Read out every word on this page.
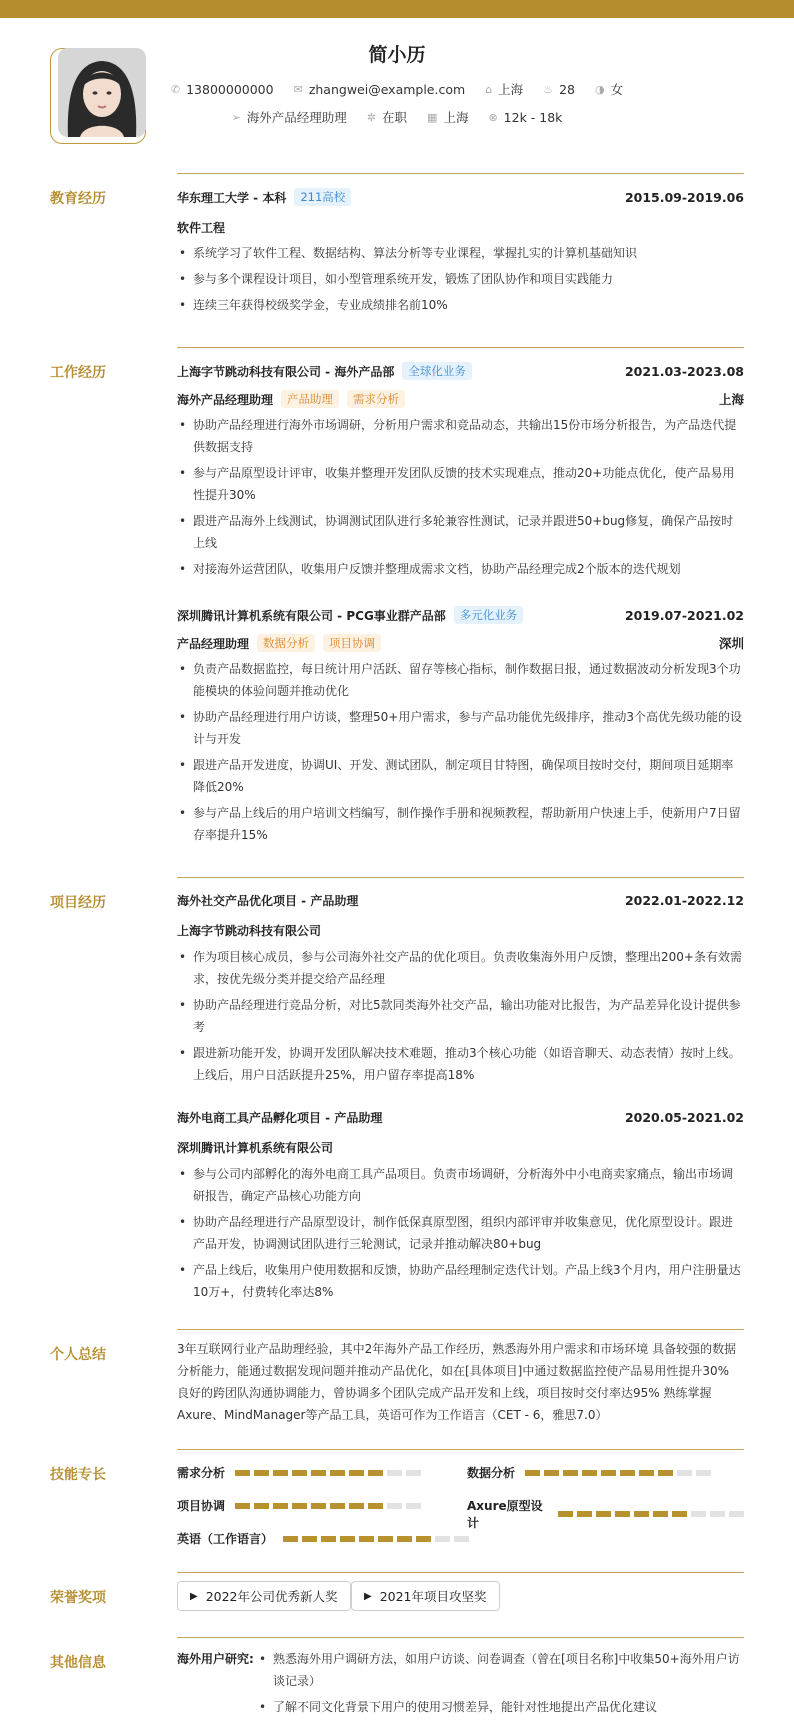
简小历
✆ 13800000000 ✉ zhangwei@example.com ⌂ 上海 ♨ 28 ◑ 女
➢ 海外产品经理助理 ✲ 在职 ▦ 上海 ⊗ 12k - 18k
教育经历	华东理工大学 - 本科	211高校	2015.09-2019.06
软件工程
• 系统学习了软件工程、数据结构、算法分析等专业课程，掌握扎实的计算机基础知识
• 参与多个课程设计项目，如小型管理系统开发，锻炼了团队协作和项目实践能力
• 连续三年获得校级奖学金，专业成绩排名前10%
工作经历	上海字节跳动科技有限公司 - 海外产品部	全球化业务	2021.03-2023.08
海外产品经理助理	产品助理	需求分析	上海
• 协助产品经理进行海外市场调研，分析用户需求和竞品动态，共输出15份市场分析报告，为产品迭代提供数据支持
• 参与产品原型设计评审，收集并整理开发团队反馈的技术实现难点，推动20+功能点优化，使产品易用性提升30%
• 跟进产品海外上线测试，协调测试团队进行多轮兼容性测试，记录并跟进50+bug修复，确保产品按时上线
• 对接海外运营团队，收集用户反馈并整理成需求文档，协助产品经理完成2个版本的迭代规划
深圳腾讯计算机系统有限公司 - PCG事业群产品部	多元化业务	2019.07-2021.02
产品经理助理	数据分析	项目协调	深圳
• 负责产品数据监控，每日统计用户活跃、留存等核心指标，制作数据日报，通过数据波动分析发现3个功能模块的体验问题并推动优化
• 协助产品经理进行用户访谈，整理50+用户需求，参与产品功能优先级排序，推动3个高优先级功能的设计与开发
• 跟进产品开发进度，协调UI、开发、测试团队，制定项目甘特图，确保项目按时交付，期间项目延期率降低20%
• 参与产品上线后的用户培训文档编写，制作操作手册和视频教程，帮助新用户快速上手，使新用户7日留存率提升15%
项目经历	海外社交产品优化项目 - 产品助理	2022.01-2022.12
上海字节跳动科技有限公司
• 作为项目核心成员，参与公司海外社交产品的优化项目。负责收集海外用户反馈，整理出200+条有效需求，按优先级分类并提交给产品经理
• 协助产品经理进行竞品分析，对比5款同类海外社交产品，输出功能对比报告，为产品差异化设计提供参考
• 跟进新功能开发，协调开发团队解决技术难题，推动3个核心功能（如语音聊天、动态表情）按时上线。上线后，用户日活跃提升25%，用户留存率提高18%
海外电商工具产品孵化项目 - 产品助理	2020.05-2021.02
深圳腾讯计算机系统有限公司
• 参与公司内部孵化的海外电商工具产品项目。负责市场调研，分析海外中小电商卖家痛点，输出市场调研报告，确定产品核心功能方向
• 协助产品经理进行产品原型设计，制作低保真原型图，组织内部评审并收集意见，优化原型设计。跟进产品开发，协调测试团队进行三轮测试，记录并推动解决80+bug
• 产品上线后，收集用户使用数据和反馈，协助产品经理制定迭代计划。产品上线3个月内，用户注册量达10万+，付费转化率达8%
个人总结	3年互联网行业产品助理经验，其中2年海外产品工作经历，熟悉海外用户需求和市场环境 具备较强的数据
分析能力，能通过数据发现问题并推动产品优化，如在[具体项目]中通过数据监控使产品易用性提升30%
良好的跨团队沟通协调能力，曾协调多个团队完成产品开发和上线，项目按时交付率达95% 熟练掌握
Axure、MindManager等产品工具，英语可作为工作语言（CET - 6，雅思7.0）
技能专长	需求分析	数据分析
项目协调	Axure原型设计
英语（工作语言）
荣誉奖项	▶ 2022年公司优秀新人奖	▶ 2021年项目攻坚奖
其他信息	海外用户研究:
•	熟悉海外用户调研方法，如用户访谈、问卷调查（曾在[项目名称]中收集50+海外用户访谈记录）
• 了解不同文化背景下用户的使用习惯差异，能针对性地提出产品优化建议
